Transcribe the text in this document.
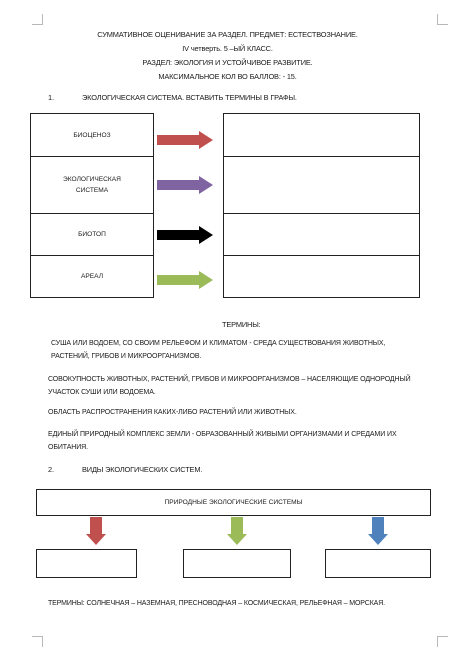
СУММАТИВНОЕ ОЦЕНИВАНИЕ ЗА РАЗДЕЛ. ПРЕДМЕТ: ЕСТЕСТВОЗНАНИЕ.
IV четверть. 5 –ЫЙ КЛАСС.
РАЗДЕЛ: ЭКОЛОГИЯ И УСТОЙЧИВОЕ РАЗВИТИЕ.
МАКСИМАЛЬНОЕ КОЛ ВО БАЛЛОВ: - 15.
1.	ЭКОЛОГИЧЕСКАЯ СИСТЕМА. ВСТАВИТЬ ТЕРМИНЫ В ГРАФЫ.
БИОЦЕНОЗ
ЭКОЛОГИЧЕСКАЯ СИСТЕМА
БИОТОП
АРЕАЛ
ТЕРМИНЫ:
СУША ИЛИ ВОДОЕМ, СО СВОИМ РЕЛЬЕФОМ И КЛИМАТОМ - СРЕДА СУЩЕСТВОВАНИЯ ЖИВОТНЫХ, РАСТЕНИЙ, ГРИБОВ И МИКРООРГАНИЗМОВ.
СОВОКУПНОСТЬ ЖИВОТНЫХ, РАСТЕНИЙ, ГРИБОВ И МИКРООРГАНИЗМОВ – НАСЕЛЯЮЩИЕ ОДНОРОДНЫЙ УЧАСТОК СУШИ ИЛИ ВОДОЕМА.
ОБЛАСТЬ РАСПРОСТРАНЕНИЯ КАКИХ-ЛИБО РАСТЕНИЙ ИЛИ ЖИВОТНЫХ.
ЕДИНЫЙ ПРИРОДНЫЙ КОМПЛЕКС ЗЕМЛИ - ОБРАЗОВАННЫЙ ЖИВЫМИ ОРГАНИЗМАМИ И СРЕДАМИ ИХ ОБИТАНИЯ.
2.	ВИДЫ ЭКОЛОГИЧЕСКИХ СИСТЕМ.
ПРИРОДНЫЕ ЭКОЛОГИЧЕСКИЕ СИСТЕМЫ
ТЕРМИНЫ: СОЛНЕЧНАЯ – НАЗЕМНАЯ, ПРЕСНОВОДНАЯ – КОСМИЧЕСКАЯ, РЕЛЬЕФНАЯ – МОРСКАЯ.
